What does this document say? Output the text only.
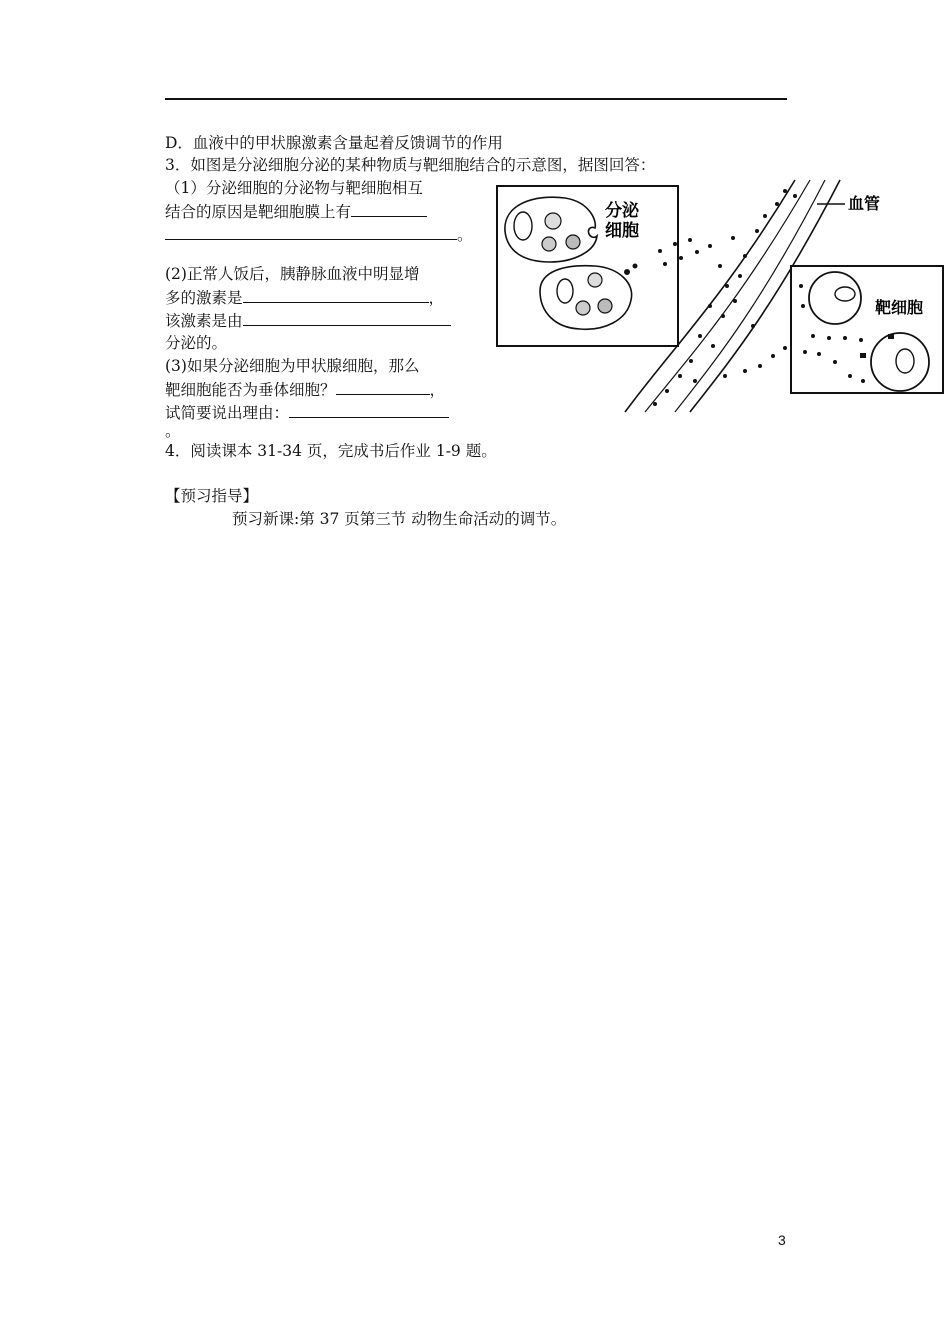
D．血液中的甲状腺激素含量起着反馈调节的作用
3．如图是分泌细胞分泌的某种物质与靶细胞结合的示意图，据图回答：
（1）分泌细胞的分泌物与靶细胞相互
结合的原因是靶细胞膜上有
。
(2)正常人饭后，胰静脉血液中明显增
多的激素是	，
该激素是由
分泌的。
(3)如果分泌细胞为甲状腺细胞，那么
靶细胞能否为垂体细胞？	，
试简要说出理由：
。
4．阅读课本 31-34 页，完成书后作业 1-9 题。
【预习指导】
预习新课:第 37 页第三节 动物生命活动的调节。
分泌
细胞
血管
靶细胞
3
